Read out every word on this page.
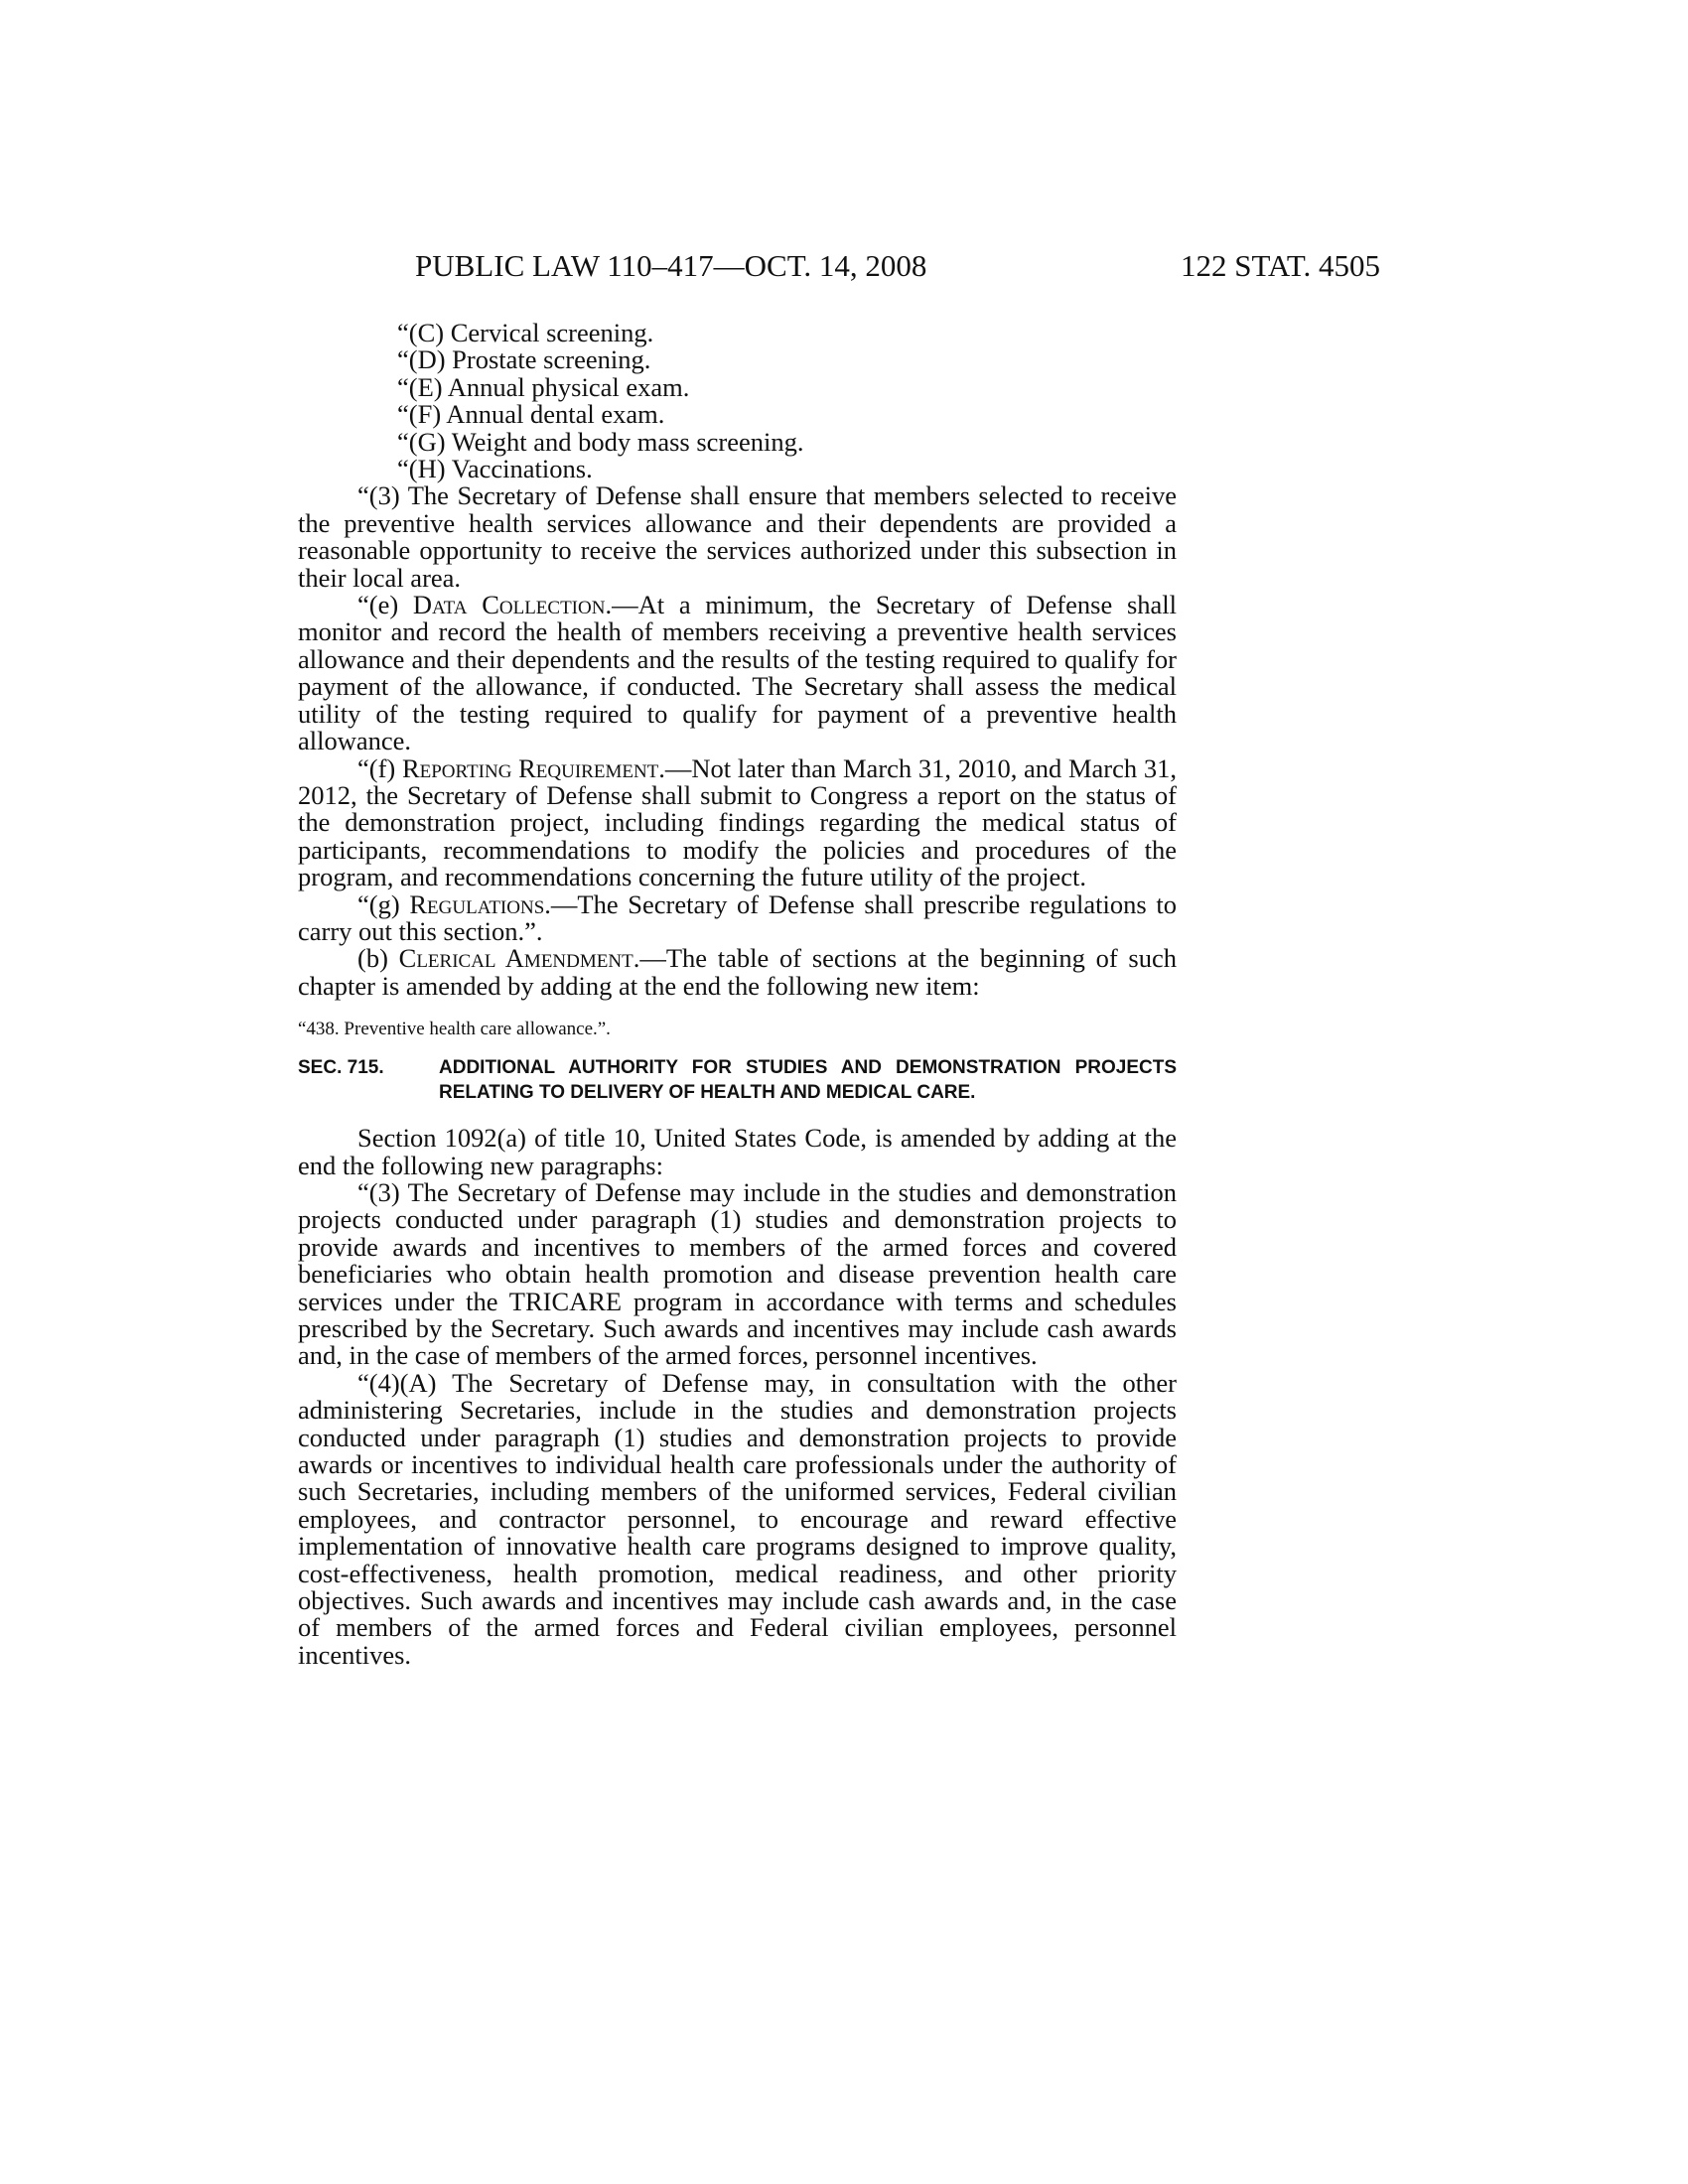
PUBLIC LAW 110–417—OCT. 14, 2008	122 STAT. 4505

“(C) Cervical screening.

“(D) Prostate screening.

“(E) Annual physical exam.

“(F) Annual dental exam.

“(G) Weight and body mass screening.

“(H) Vaccinations.

“(3) The Secretary of Defense shall ensure that members selected to receive the preventive health services allowance and their dependents are provided a reasonable opportunity to receive the services authorized under this subsection in their local area.

“(e) Data Collection.—At a minimum, the Secretary of Defense shall monitor and record the health of members receiving a preventive health services allowance and their dependents and the results of the testing required to qualify for payment of the allowance, if conducted. The Secretary shall assess the medical utility of the testing required to qualify for payment of a preventive health allowance.

“(f) Reporting Requirement.—Not later than March 31, 2010, and March 31, 2012, the Secretary of Defense shall submit to Congress a report on the status of the demonstration project, including findings regarding the medical status of participants, recommendations to modify the policies and procedures of the program, and recommendations concerning the future utility of the project.

“(g) Regulations.—The Secretary of Defense shall prescribe regulations to carry out this section.”.

(b) Clerical Amendment.—The table of sections at the beginning of such chapter is amended by adding at the end the following new item:

“438. Preventive health care allowance.”.

SEC. 715.	ADDITIONAL AUTHORITY FOR STUDIES AND DEMONSTRATION PROJECTS RELATING TO DELIVERY OF HEALTH AND MEDICAL CARE.

Section 1092(a) of title 10, United States Code, is amended by adding at the end the following new paragraphs:

“(3) The Secretary of Defense may include in the studies and demonstration projects conducted under paragraph (1) studies and demonstration projects to provide awards and incentives to members of the armed forces and covered beneficiaries who obtain health promotion and disease prevention health care services under the TRICARE program in accordance with terms and schedules prescribed by the Secretary. Such awards and incentives may include cash awards and, in the case of members of the armed forces, personnel incentives.

“(4)(A) The Secretary of Defense may, in consultation with the other administering Secretaries, include in the studies and demonstration projects conducted under paragraph (1) studies and demonstration projects to provide awards or incentives to individual health care professionals under the authority of such Secretaries, including members of the uniformed services, Federal civilian employees, and contractor personnel, to encourage and reward effective implementation of innovative health care programs designed to improve quality, cost-effectiveness, health promotion, medical readiness, and other priority objectives. Such awards and incentives may include cash awards and, in the case of members of the armed forces and Federal civilian employees, personnel incentives.
